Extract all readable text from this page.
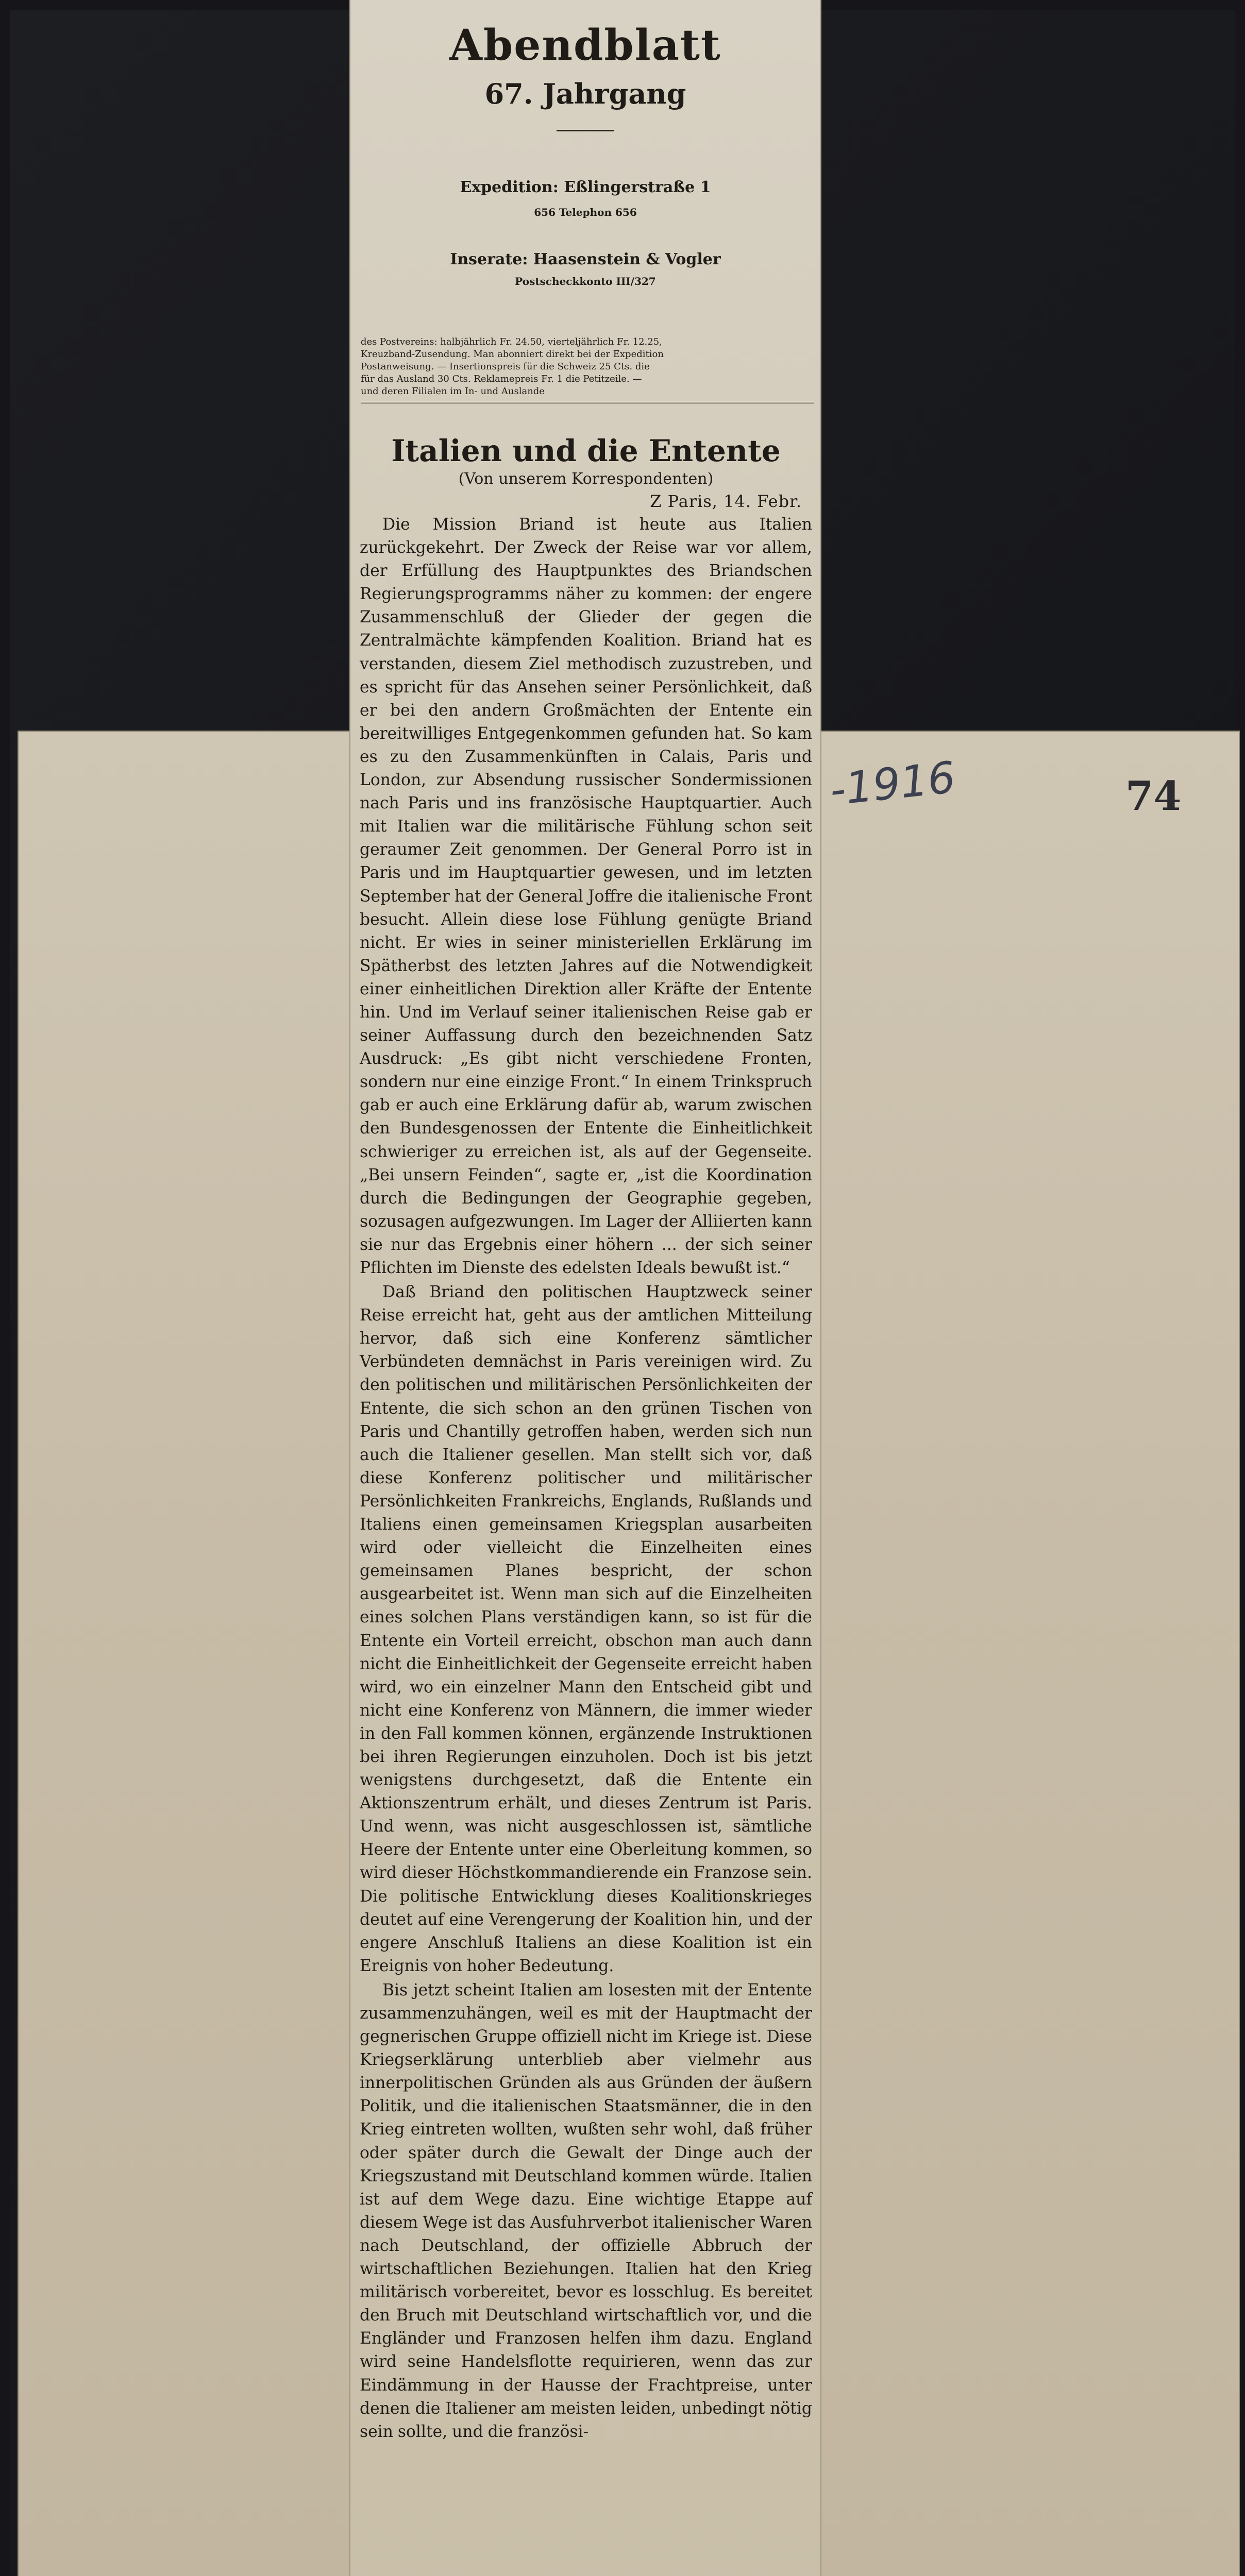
-1916	74
Abendblatt
67. Jahrgang
Expedition: Eßlingerstraße 1
656 Telephon 656
Inserate: Haasenstein & Vogler
Postscheckkonto III/327
des Postvereins: halbjährlich Fr. 24.50, vierteljährlich Fr. 12.25,
Kreuzband-Zusendung. Man abonniert direkt bei der Expedition
Postanweisung. — Insertionspreis für die Schweiz 25 Cts. die
für das Ausland 30 Cts. Reklamepreis Fr. 1 die Petitzeile. —
und deren Filialen im In- und Auslande
Italien und die Entente

(Von unserem Korrespondenten)

Z Paris, 14. Febr.

Die Mission Briand ist heute aus Italien zurückgekehrt. Der Zweck der Reise war vor allem, der Erfüllung des Hauptpunktes des Briandschen Regierungsprogramms näher zu kommen: der engere Zusammenschluß der Glieder der gegen die Zentralmächte kämpfenden Koalition. Briand hat es verstanden, diesem Ziel methodisch zuzustreben, und es spricht für das Ansehen seiner Persönlichkeit, daß er bei den andern Großmächten der Entente ein bereitwilliges Entgegenkommen gefunden hat. So kam es zu den Zusammenkünften in Calais, Paris und London, zur Absendung russischer Sondermissionen nach Paris und ins französische Hauptquartier. Auch mit Italien war die militärische Fühlung schon seit geraumer Zeit genommen. Der General Porro ist in Paris und im Hauptquartier gewesen, und im letzten September hat der General Joffre die italienische Front besucht. Allein diese lose Fühlung genügte Briand nicht. Er wies in seiner ministeriellen Erklärung im Spätherbst des letzten Jahres auf die Notwendigkeit einer einheitlichen Direktion aller Kräfte der Entente hin. Und im Verlauf seiner italienischen Reise gab er seiner Auffassung durch den bezeichnenden Satz Ausdruck: „Es gibt nicht verschiedene Fronten, sondern nur eine einzige Front.“ In einem Trinkspruch gab er auch eine Erklärung dafür ab, warum zwischen den Bundesgenossen der Entente die Einheitlichkeit schwieriger zu erreichen ist, als auf der Gegenseite. „Bei unsern Feinden“, sagte er, „ist die Koordination durch die Bedingungen der Geographie gegeben, sozusagen aufgezwungen. Im Lager der Alliierten kann sie nur das Ergebnis einer höhern ... der sich seiner Pflichten im Dienste des edelsten Ideals bewußt ist.“

Daß Briand den politischen Hauptzweck seiner Reise erreicht hat, geht aus der amtlichen Mitteilung hervor, daß sich eine Konferenz sämtlicher Verbündeten demnächst in Paris vereinigen wird. Zu den politischen und militärischen Persönlichkeiten der Entente, die sich schon an den grünen Tischen von Paris und Chantilly getroffen haben, werden sich nun auch die Italiener gesellen. Man stellt sich vor, daß diese Konferenz politischer und militärischer Persönlichkeiten Frankreichs, Englands, Rußlands und Italiens einen gemeinsamen Kriegsplan ausarbeiten wird oder vielleicht die Einzelheiten eines gemeinsamen Planes bespricht, der schon ausgearbeitet ist. Wenn man sich auf die Einzelheiten eines solchen Plans verständigen kann, so ist für die Entente ein Vorteil erreicht, obschon man auch dann nicht die Einheitlichkeit der Gegenseite erreicht haben wird, wo ein einzelner Mann den Entscheid gibt und nicht eine Konferenz von Männern, die immer wieder in den Fall kommen können, ergänzende Instruktionen bei ihren Regierungen einzuholen. Doch ist bis jetzt wenigstens durchgesetzt, daß die Entente ein Aktionszentrum erhält, und dieses Zentrum ist Paris. Und wenn, was nicht ausgeschlossen ist, sämtliche Heere der Entente unter eine Oberleitung kommen, so wird dieser Höchstkommandierende ein Franzose sein. Die politische Entwicklung dieses Koalitionskrieges deutet auf eine Verengerung der Koalition hin, und der engere Anschluß Italiens an diese Koalition ist ein Ereignis von hoher Bedeutung.

Bis jetzt scheint Italien am losesten mit der Entente zusammenzuhängen, weil es mit der Hauptmacht der gegnerischen Gruppe offiziell nicht im Kriege ist. Diese Kriegserklärung unterblieb aber vielmehr aus innerpolitischen Gründen als aus Gründen der äußern Politik, und die italienischen Staatsmänner, die in den Krieg eintreten wollten, wußten sehr wohl, daß früher oder später durch die Gewalt der Dinge auch der Kriegszustand mit Deutschland kommen würde. Italien ist auf dem Wege dazu. Eine wichtige Etappe auf diesem Wege ist das Ausfuhrverbot italienischer Waren nach Deutschland, der offizielle Abbruch der wirtschaftlichen Beziehungen. Italien hat den Krieg militärisch vorbereitet, bevor es losschlug. Es bereitet den Bruch mit Deutschland wirtschaftlich vor, und die Engländer und Franzosen helfen ihm dazu. England wird seine Handelsflotte requirieren, wenn das zur Eindämmung in der Hausse der Frachtpreise, unter denen die Italiener am meisten leiden, unbedingt nötig sein sollte, und die französi-
